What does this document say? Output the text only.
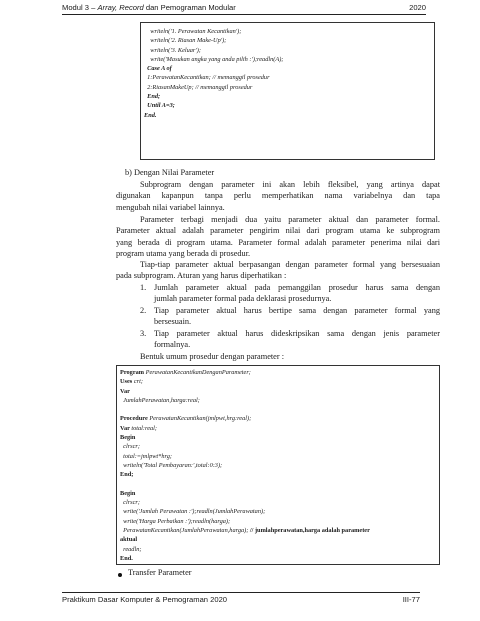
Modul 3 – Array, Record dan Pemograman Modular	2020
writeln('1. Perawatan Kecantikan');
writeln('2. Riasan Make-Up');
writeln('3. Keluar');
write('Masukan angka yang anda pilih :');readln(A);
Case A of
1:PerawatanKecantikan; // memanggil prosedur
2:RiasanMakeUp; // memanggil prosedur
End;
Until A=3;
End.
b) Dengan Nilai Parameter
Subprogram dengan parameter ini akan lebih fleksibel, yang artinya dapat
digunakan kapanpun tanpa perlu memperhatikan nama variabelnya dan tapa
mengubah nilai variabel lainnya.
Parameter terbagi menjadi dua yaitu parameter aktual dan parameter formal.
Parameter aktual adalah parameter pengirim nilai dari program utama ke subprogram
yang berada di program utama. Parameter formal adalah parameter penerima nilai dari
program utama yang berada di prosedur.
Tiap-tiap parameter aktual berpasangan dengan parameter formal yang bersesuaian
pada subprogram. Aturan yang harus diperhatikan :
1. Jumlah parameter aktual pada pemanggilan prosedur harus sama dengan
jumlah parameter formal pada deklarasi prosedurnya.
2. Tiap parameter aktual harus bertipe sama dengan parameter formal yang
bersesuain.
3. Tiap parameter aktual harus dideskripsikan sama dengan jenis parameter
formalnya.
Bentuk umum prosedur dengan parameter :
Program PerawatanKecantikanDenganParameter;
Uses crt;
Var
JumlahPerawatan,harga:real;
Procedure PerawatanKecantikan(jmlpwt,hrg:real);
Var total:real;
Begin
clrscr;
total:=jmlpwt*hrg;
writeln('Total Pembayaran:',total:0:3);
End;
Begin
clrscr;
write('Jumlah Perawatan :');readln(JumlahPerawatan);
write('Harga Perbaikan :');readln(harga);
PerawatanKecantikan(JumlahPerawatan,harga); // jumlahperawatan,harga adalah parameter
aktual
readln;
End.
Transfer Parameter
Praktikum Dasar Komputer & Pemograman 2020	III-77
